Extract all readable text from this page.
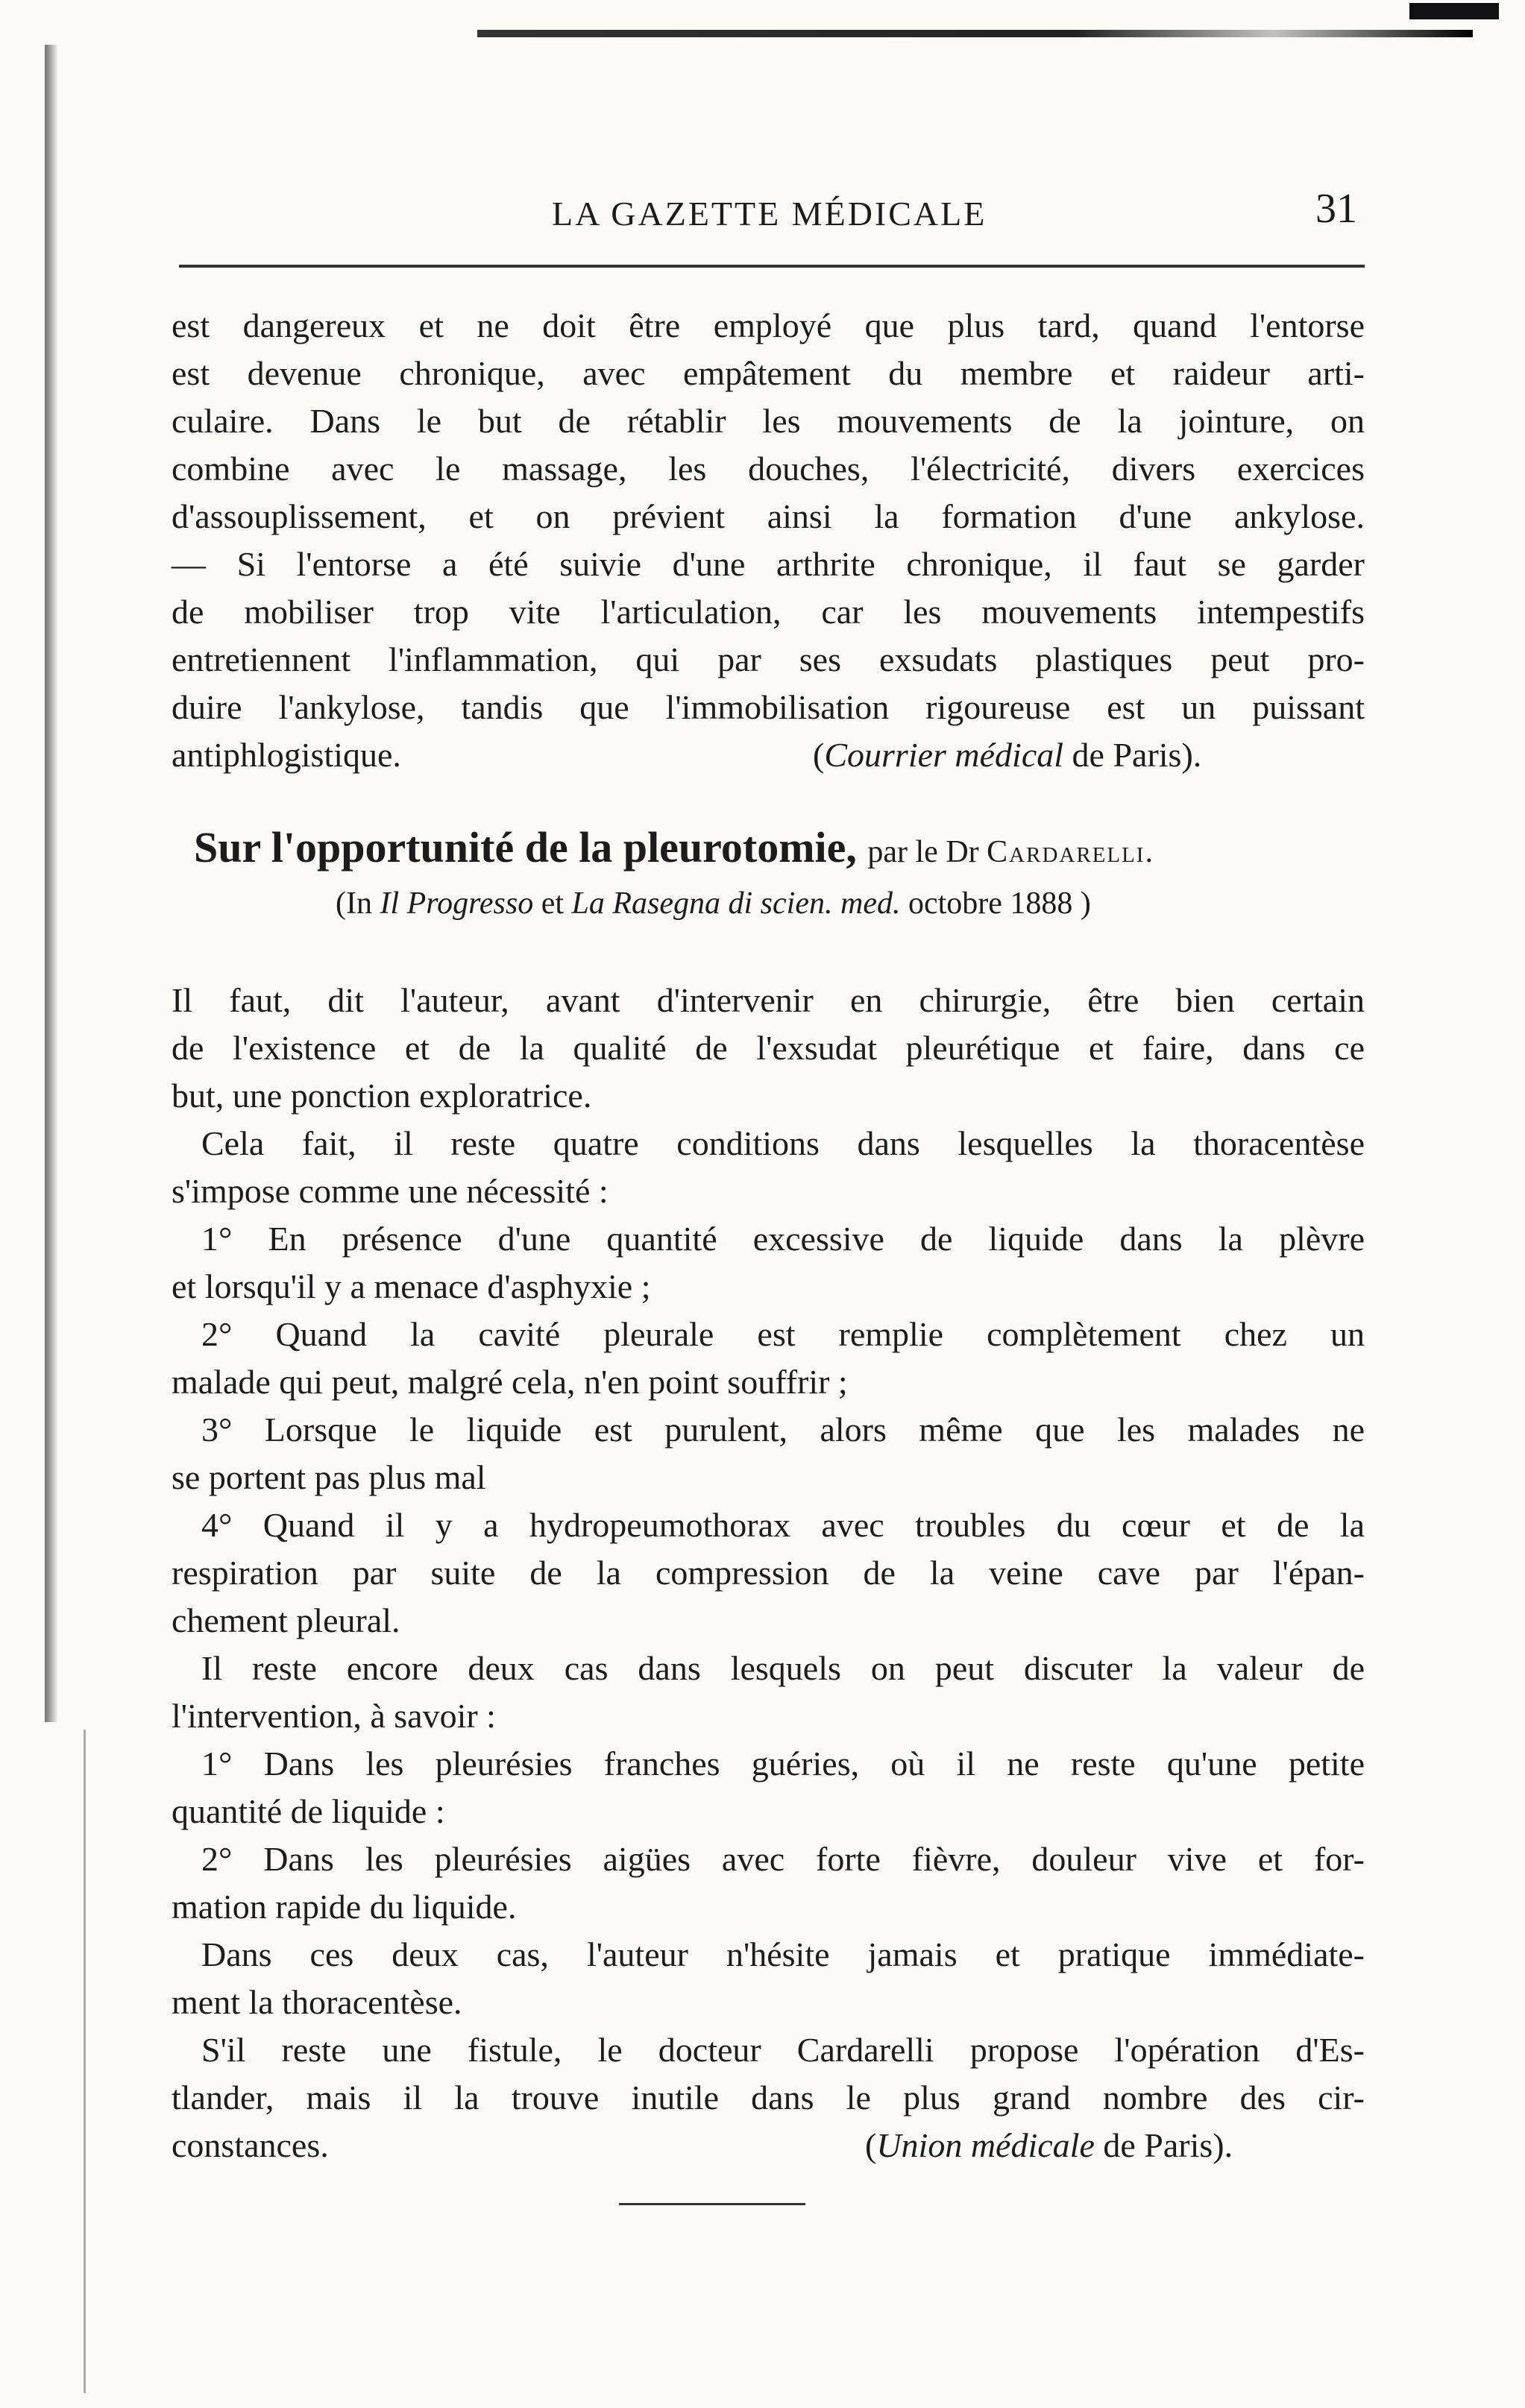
LA GAZETTE MÉDICALE	31
est dangereux et ne doit être employé que plus tard, quand l'entorse
est devenue chronique, avec empâtement du membre et raideur arti-
culaire. Dans le but de rétablir les mouvements de la jointure, on
combine avec le massage, les douches, l'électricité, divers exercices
d'assouplissement, et on prévient ainsi la formation d'une ankylose.
— Si l'entorse a été suivie d'une arthrite chronique, il faut se garder
de mobiliser trop vite l'articulation, car les mouvements intempestifs
entretiennent l'inflammation, qui par ses exsudats plastiques peut pro-
duire l'ankylose, tandis que l'immobilisation rigoureuse est un puissant
antiphlogistique.	(Courrier médical de Paris).
Sur l'opportunité de la pleurotomie, par le Dr Cardarelli.
(In Il Progresso et La Rasegna di scien. med. octobre 1888 )
Il faut, dit l'auteur, avant d'intervenir en chirurgie, être bien certain
de l'existence et de la qualité de l'exsudat pleurétique et faire, dans ce
but, une ponction exploratrice.
Cela fait, il reste quatre conditions dans lesquelles la thoracentèse
s'impose comme une nécessité :
1° En présence d'une quantité excessive de liquide dans la plèvre
et lorsqu'il y a menace d'asphyxie ;
2° Quand la cavité pleurale est remplie complètement chez un
malade qui peut, malgré cela, n'en point souffrir ;
3° Lorsque le liquide est purulent, alors même que les malades ne
se portent pas plus mal
4° Quand il y a hydropeumothorax avec troubles du cœur et de la
respiration par suite de la compression de la veine cave par l'épan-
chement pleural.
Il reste encore deux cas dans lesquels on peut discuter la valeur de
l'intervention, à savoir :
1° Dans les pleurésies franches guéries, où il ne reste qu'une petite
quantité de liquide :
2° Dans les pleurésies aigües avec forte fièvre, douleur vive et for-
mation rapide du liquide.
Dans ces deux cas, l'auteur n'hésite jamais et pratique immédiate-
ment la thoracentèse.
S'il reste une fistule, le docteur Cardarelli propose l'opération d'Es-
tlander, mais il la trouve inutile dans le plus grand nombre des cir-
constances.	(Union médicale de Paris).
